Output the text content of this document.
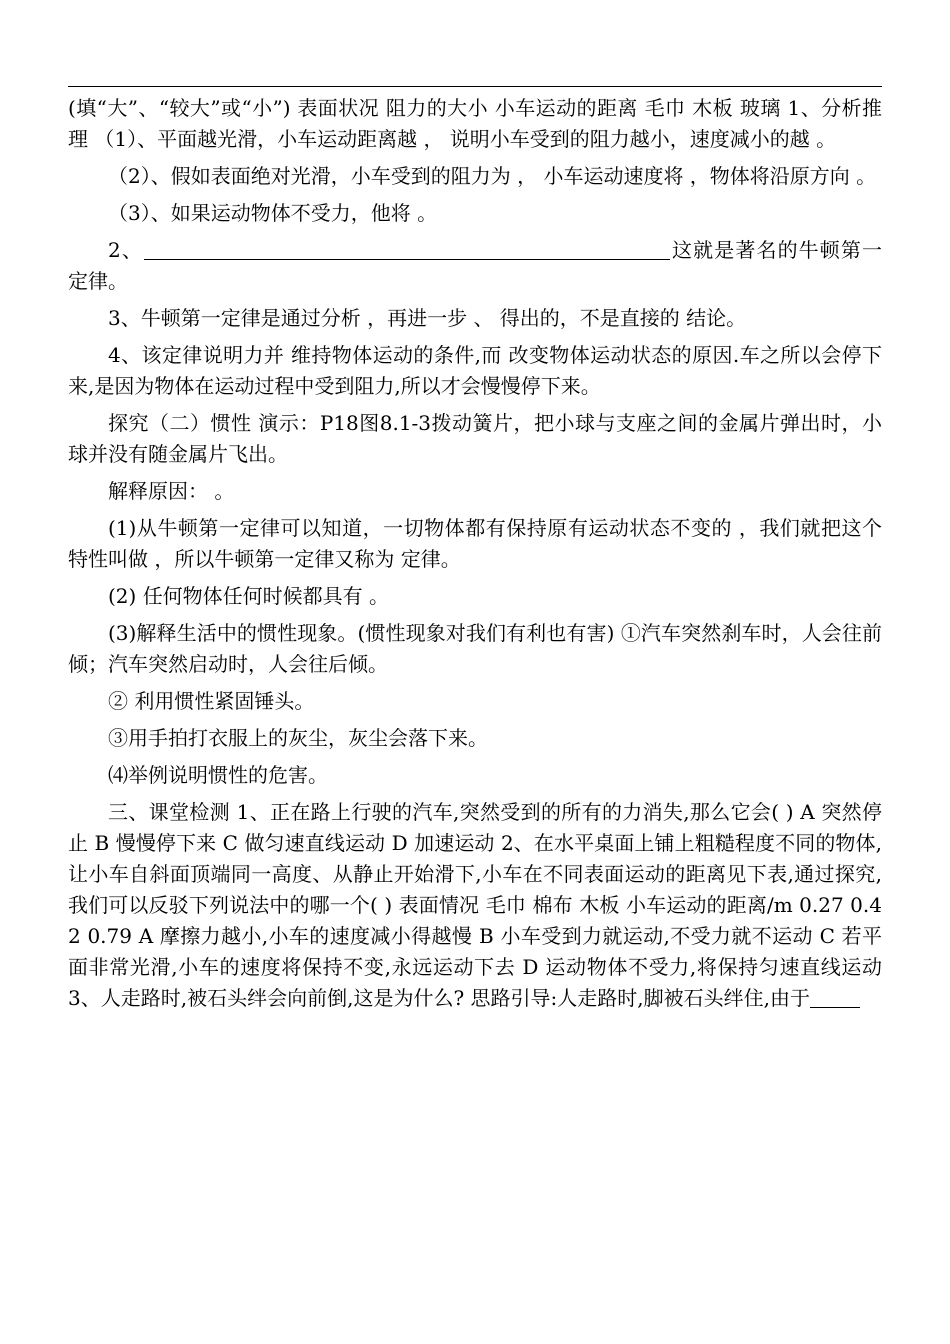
(填“大”、“较大”或“小”) 表面状况 阻力的大小 小车运动的距离 毛巾 木板 玻璃 1、分析推理 （1）、平面越光滑，小车运动距离越 ， 说明小车受到的阻力越小，速度减小的越 。

（2）、假如表面绝对光滑，小车受到的阻力为 ， 小车运动速度将 ，物体将沿原方向 。

（3）、如果运动物体不受力，他将 。

2、	这就是著名的牛顿第一定律。

3、牛顿第一定律是通过分析 ，再进一步 、 得出的，不是直接的 结论。

4、该定律说明力并 维持物体运动的条件,而 改变物体运动状态的原因.车之所以会停下来,是因为物体在运动过程中受到阻力,所以才会慢慢停下来。

探究（二）惯性 演示：P18图8.1-3拨动簧片，把小球与支座之间的金属片弹出时，小球并没有随金属片飞出。

解释原因： 。

(1)从牛顿第一定律可以知道，一切物体都有保持原有运动状态不变的 ，我们就把这个特性叫做 ，所以牛顿第一定律又称为 定律。

(2) 任何物体任何时候都具有 。

(3)解释生活中的惯性现象。(惯性现象对我们有利也有害) ①汽车突然刹车时，人会往前倾；汽车突然启动时，人会往后倾。

② 利用惯性紧固锤头。

③用手拍打衣服上的灰尘，灰尘会落下来。

⑷举例说明惯性的危害。

三、课堂检测 1、正在路上行驶的汽车,突然受到的所有的力消失,那么它会( ) A 突然停止 B 慢慢停下来 C 做匀速直线运动 D 加速运动 2、在水平桌面上铺上粗糙程度不同的物体,让小车自斜面顶端同一高度、从静止开始滑下,小车在不同表面运动的距离见下表,通过探究,我们可以反驳下列说法中的哪一个( ) 表面情况 毛巾 棉布 木板 小车运动的距离/m 0.27 0.42 0.79 A 摩擦力越小,小车的速度减小得越慢 B 小车受到力就运动,不受力就不运动 C 若平面非常光滑,小车的速度将保持不变,永远运动下去 D 运动物体不受力,将保持匀速直线运动 3、人走路时,被石头绊会向前倒,这是为什么? 思路引导:人走路时,脚被石头绊住,由于
